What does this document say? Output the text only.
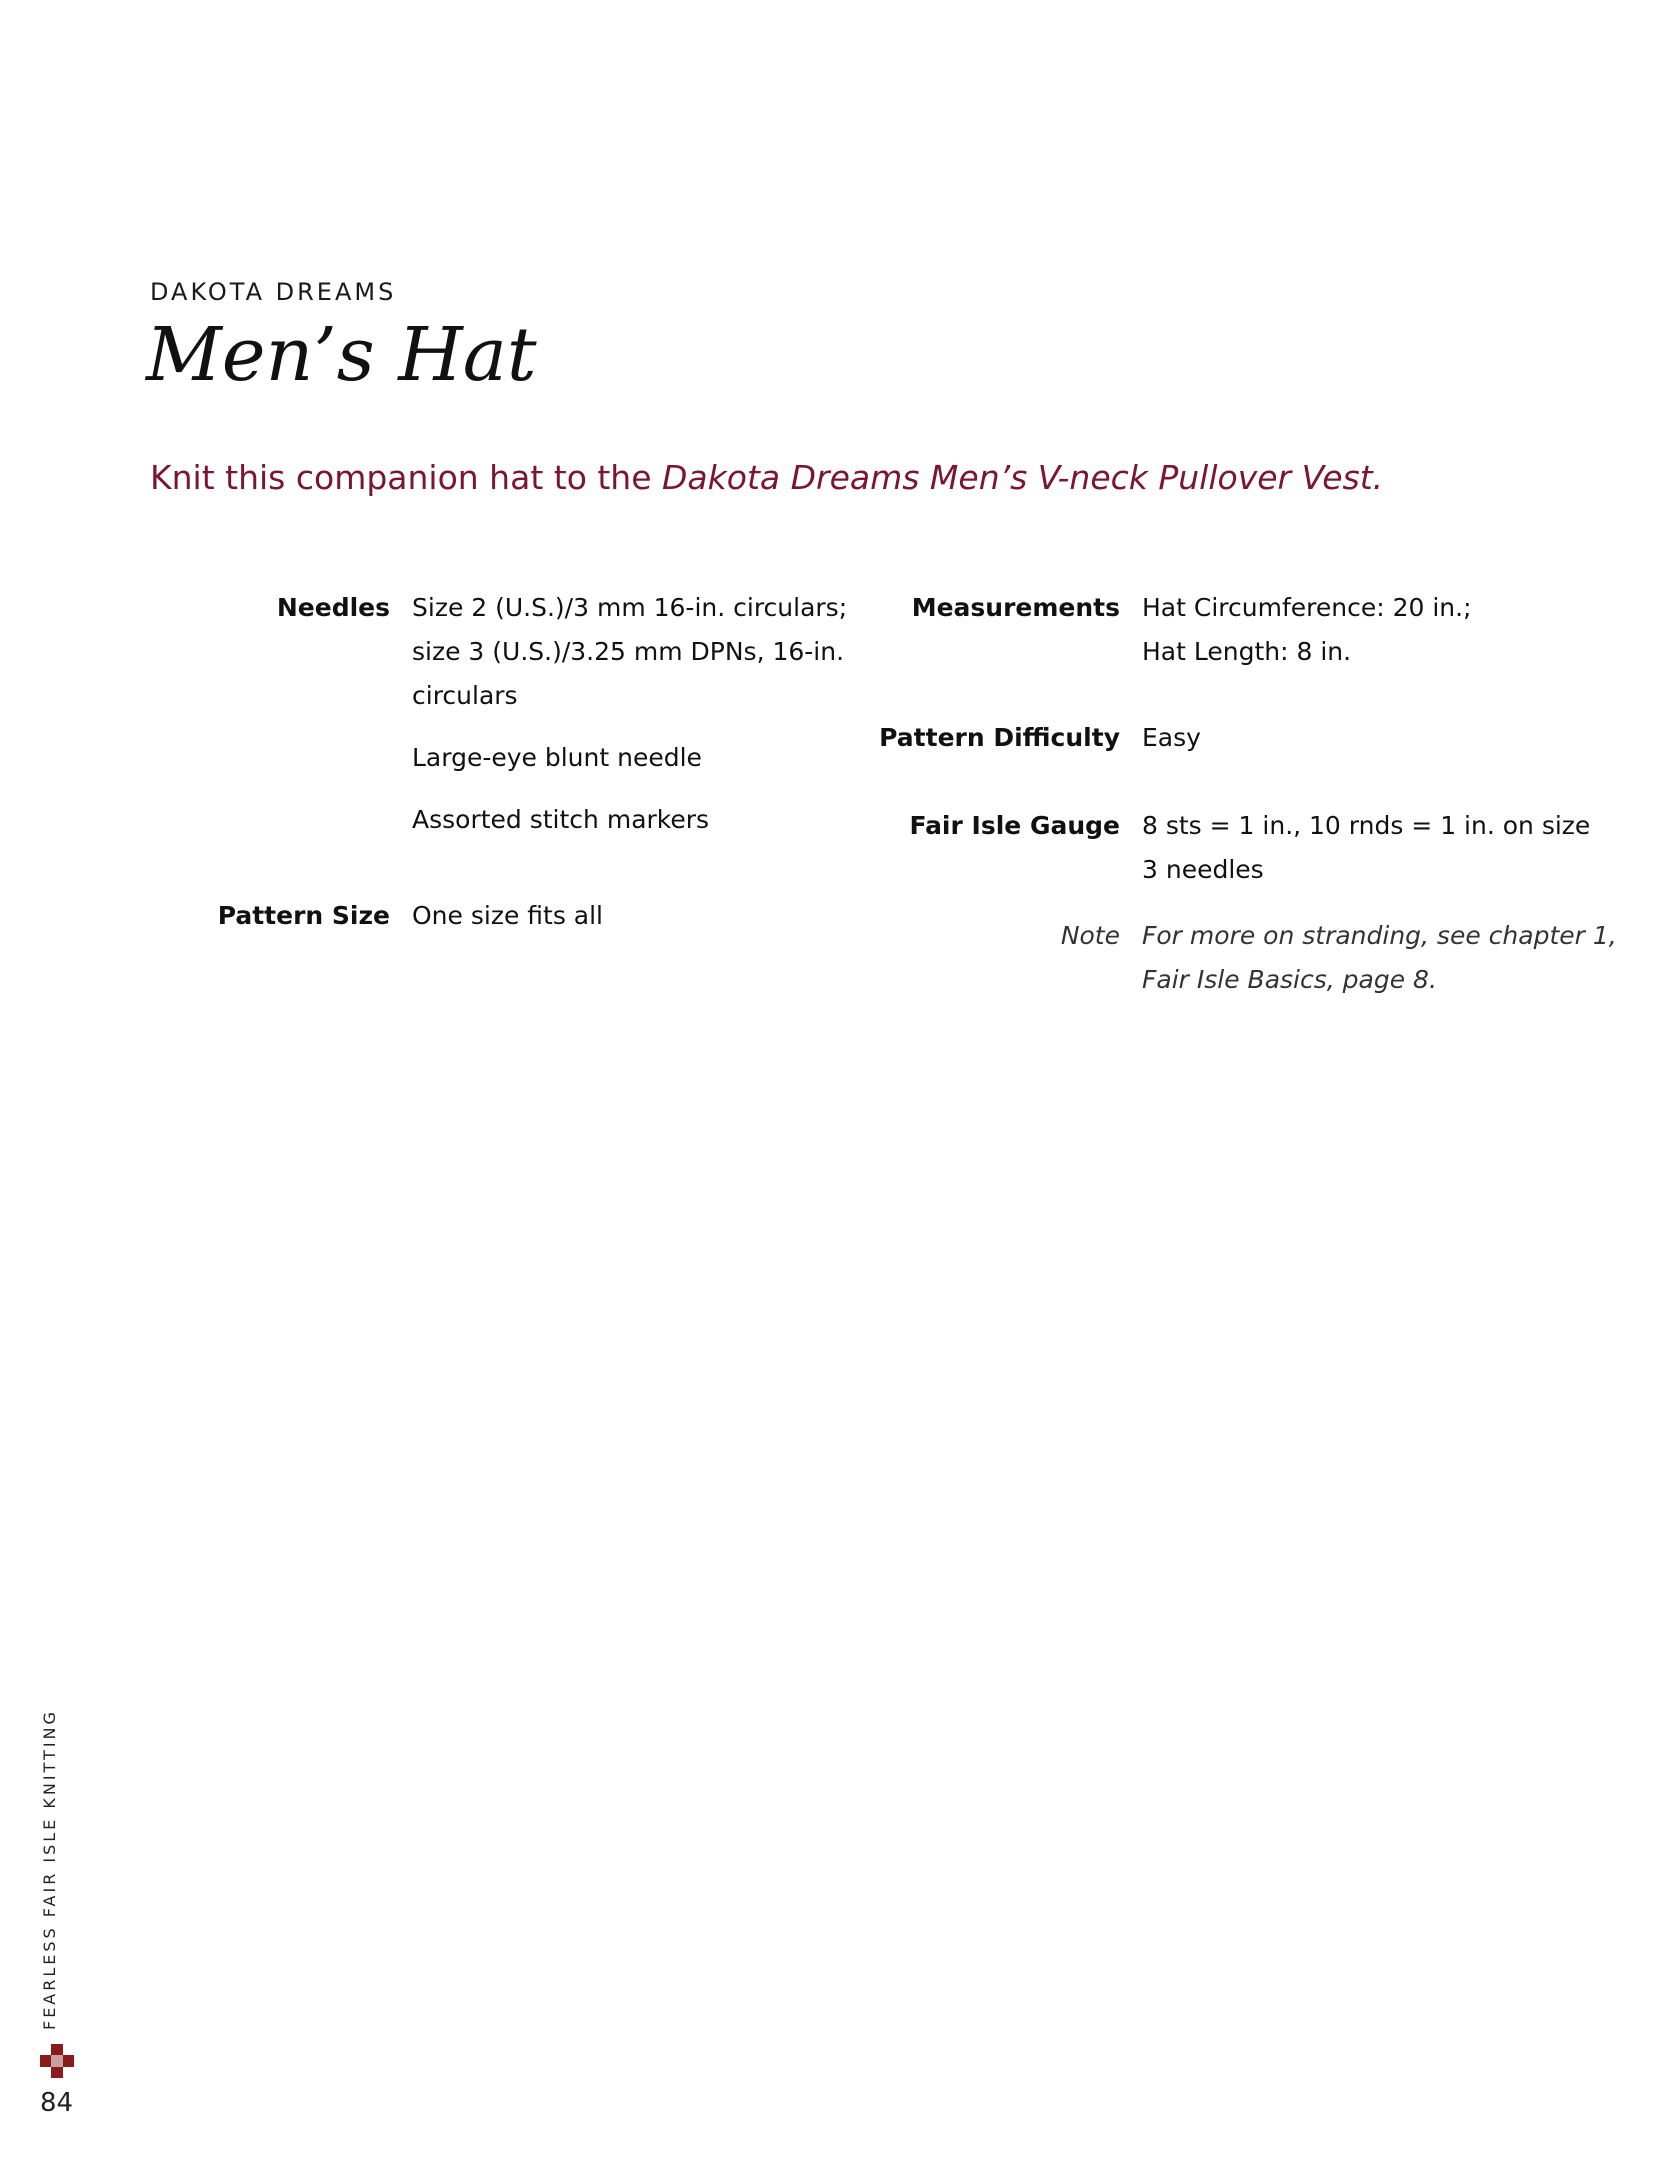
DAKOTA DREAMS
Men’s Hat
Knit this companion hat to the Dakota Dreams Men’s V-neck Pullover Vest.
Needles Size 2 (U.S.)/3 mm 16-in. circulars;
size 3 (U.S.)/3.25 mm DPNs, 16-in.
circulars

Large-eye blunt needle

Assorted stitch markers

Pattern Size One size fits all
Measurements Hat Circumference: 20 in.;
Hat Length: 8 in.
Pattern Difficulty Easy
Fair Isle Gauge 8 sts = 1 in., 10 rnds = 1 in. on size
3 needles
Note For more on stranding, see chapter 1,
Fair Isle Basics, page 8.
FEARLESS FAIR ISLE KNITTING
84
